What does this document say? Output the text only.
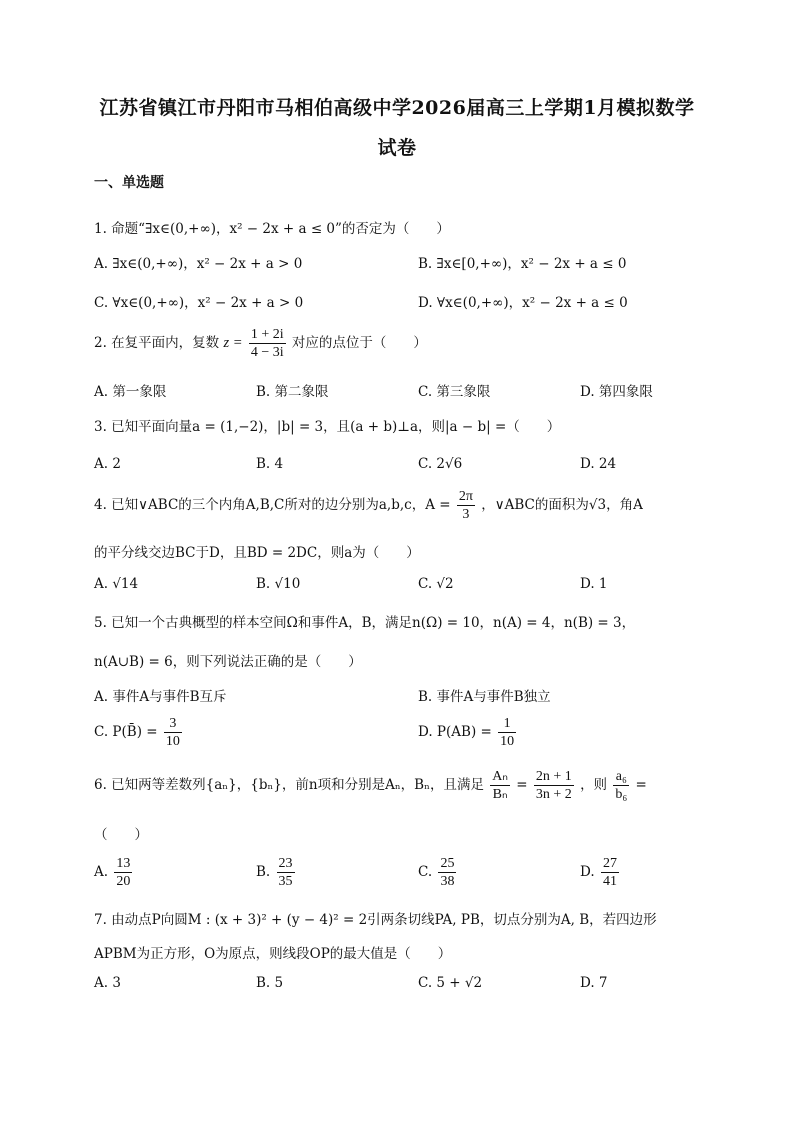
江苏省镇江市丹阳市马相伯高级中学2026届高三上学期1月模拟数学
试卷
一、单选题
1. 命题“∃x∈(0,+∞)，x² − 2x + a ≤ 0”的否定为（　　）
A. ∃x∈(0,+∞)，x² − 2x + a > 0	B. ∃x∈[0,+∞)，x² − 2x + a ≤ 0
C. ∀x∈(0,+∞)，x² − 2x + a > 0	D. ∀x∈(0,+∞)，x² − 2x + a ≤ 0
2. 在复平面内，复数 $z = \frac{1 + 2i}{4 - 3i}$ 对应的点位于（　　）
A. 第一象限	B. 第二象限	C. 第三象限	D. 第四象限
3. 已知平面向量a = (1,−2)，|b| = 3，且(a + b)⊥a，则|a − b| =（　　）
A. 2	B. 4	C. 2√6	D. 24
4. 已知∨ABC的三个内角A,B,C所对的边分别为a,b,c，$A = \frac{2\pi}{3}$ ，∨ABC的面积为√3，角A
的平分线交边BC于D，且BD = 2DC，则a为（　　）
A. √14	B. √10	C. √2	D. 1
5. 已知一个古典概型的样本空间Ω和事件A，B，满足n(Ω) = 10，n(A) = 4，n(B) = 3，
n(A∪B) = 6，则下列说法正确的是（　　）
A. 事件A与事件B互斥	B. 事件A与事件B独立
C. P(B̄) = $\frac{3}{10}$	D. $P(AB) = \frac{1}{10}$
6. 已知两等差数列{aₙ}，{bₙ}，前n项和分别是Aₙ，Bₙ，且满足 $\frac{\text{Aₙ}}{\text{Bₙ}} = \frac{2n + 1}{3n + 2}$ ，则 $\frac{\text{a₆}}{\text{b₆}}$ =
（　　）
A. $\frac{13}{20}$	B. $\frac{23}{35}$	C. $\frac{25}{38}$	D. $\frac{27}{41}$
7. 由动点P向圆M : (x + 3)² + (y − 4)² = 2引两条切线PA, PB，切点分别为A, B，若四边形
APBM为正方形，O为原点，则线段OP的最大值是（　　）
A. 3	B. 5	C. 5 + √2	D. 7
